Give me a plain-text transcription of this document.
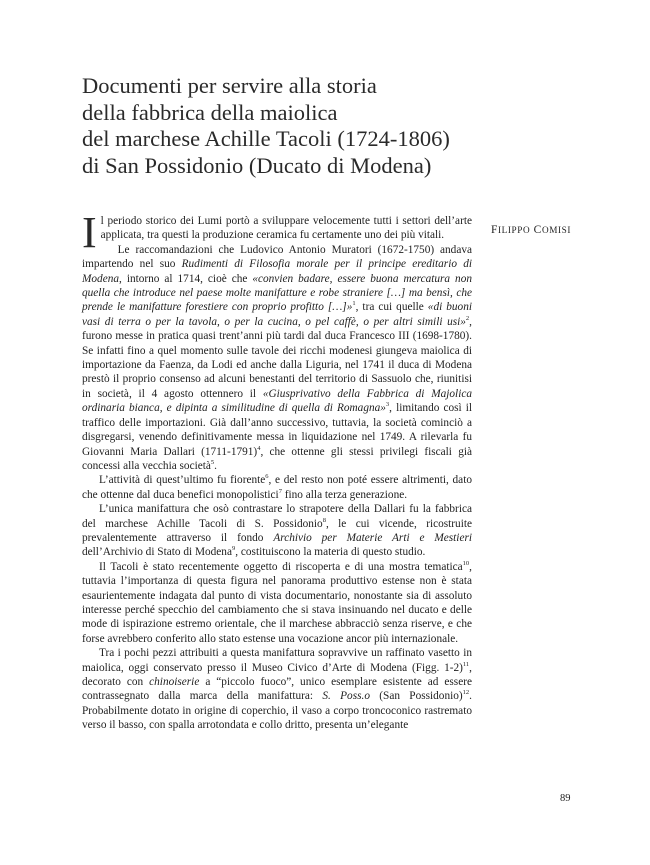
Documenti per servire alla storia
della fabbrica della maiolica
del marchese Achille Tacoli (1724-1806)
di San Possidonio (Ducato di Modena)
FILIPPO COMISI

Il periodo storico dei Lumi portò a sviluppare velocemente tutti i settori dell’arte applicata, tra questi la produzione ceramica fu certamente uno dei più vitali.

Le raccomandazioni che Ludovico Antonio Muratori (1672-1750) andava impartendo nel suo Rudimenti di Filosofia morale per il principe ereditario di Modena, intorno al 1714, cioè che «convien badare, essere buona mercatura non quella che introduce nel paese molte manifatture e robe straniere […] ma bensì, che prende le manifatture forestiere con proprio profitto […]»$^1$, tra cui quelle «di buoni vasi di terra o per la tavola, o per la cucina, o pel caffè, o per altri simili usi»$^2$, furono messe in pratica quasi trent’anni più tardi dal duca Francesco III (1698-1780). Se infatti fino a quel momento sulle tavole dei ricchi modenesi giungeva maiolica di importazione da Faenza, da Lodi ed anche dalla Liguria, nel 1741 il duca di Modena prestò il proprio consenso ad alcuni benestanti del territorio di Sassuolo che, riunitisi in società, il 4 agosto ottennero il «Giusprivativo della Fabbrica di Majolica ordinaria bianca, e dipinta a similitudine di quella di Romagna»$^3$, limitando così il traffico delle importazioni. Già dall’anno successivo, tuttavia, la società cominciò a disgregarsi, venendo definitivamente messa in liquidazione nel 1749. A rilevarla fu Giovanni Maria Dallari (1711-1791)$^4$, che ottenne gli stessi privilegi fiscali già concessi alla vecchia società$^5$.

L’attività di quest’ultimo fu fiorente$^6$, e del resto non poté essere altrimenti, dato che ottenne dal duca benefici monopolistici$^7$ fino alla terza generazione.

L’unica manifattura che osò contrastare lo strapotere della Dallari fu la fabbrica del marchese Achille Tacoli di S. Possidonio$^8$, le cui vicende, ricostruite prevalentemente attraverso il fondo Archivio per Materie Arti e Mestieri dell’Archivio di Stato di Modena$^9$, costituiscono la materia di questo studio.

Il Tacoli è stato recentemente oggetto di riscoperta e di una mostra tematica$^{10}$, tuttavia l’importanza di questa figura nel panorama produttivo estense non è stata esaurientemente indagata dal punto di vista documentario, nonostante sia di assoluto interesse perché specchio del cambiamento che si stava insinuando nel ducato e delle mode di ispirazione estremo orientale, che il marchese abbracciò senza riserve, e che forse avrebbero conferito allo stato estense una vocazione ancor più internazionale.

Tra i pochi pezzi attribuiti a questa manifattura sopravvive un raffinato vasetto in maiolica, oggi conservato presso il Museo Civico d’Arte di Modena (Figg. 1-2)$^{11}$, decorato con chinoiserie a “piccolo fuoco”, unico esemplare esistente ad essere contrassegnato dalla marca della manifattura: S. Poss.o (San Possidonio)$^{12}$. Probabilmente dotato in origine di coperchio, il vaso a corpo troncoconico rastremato verso il basso, con spalla arrotondata e collo dritto, presenta un’elegante

89
